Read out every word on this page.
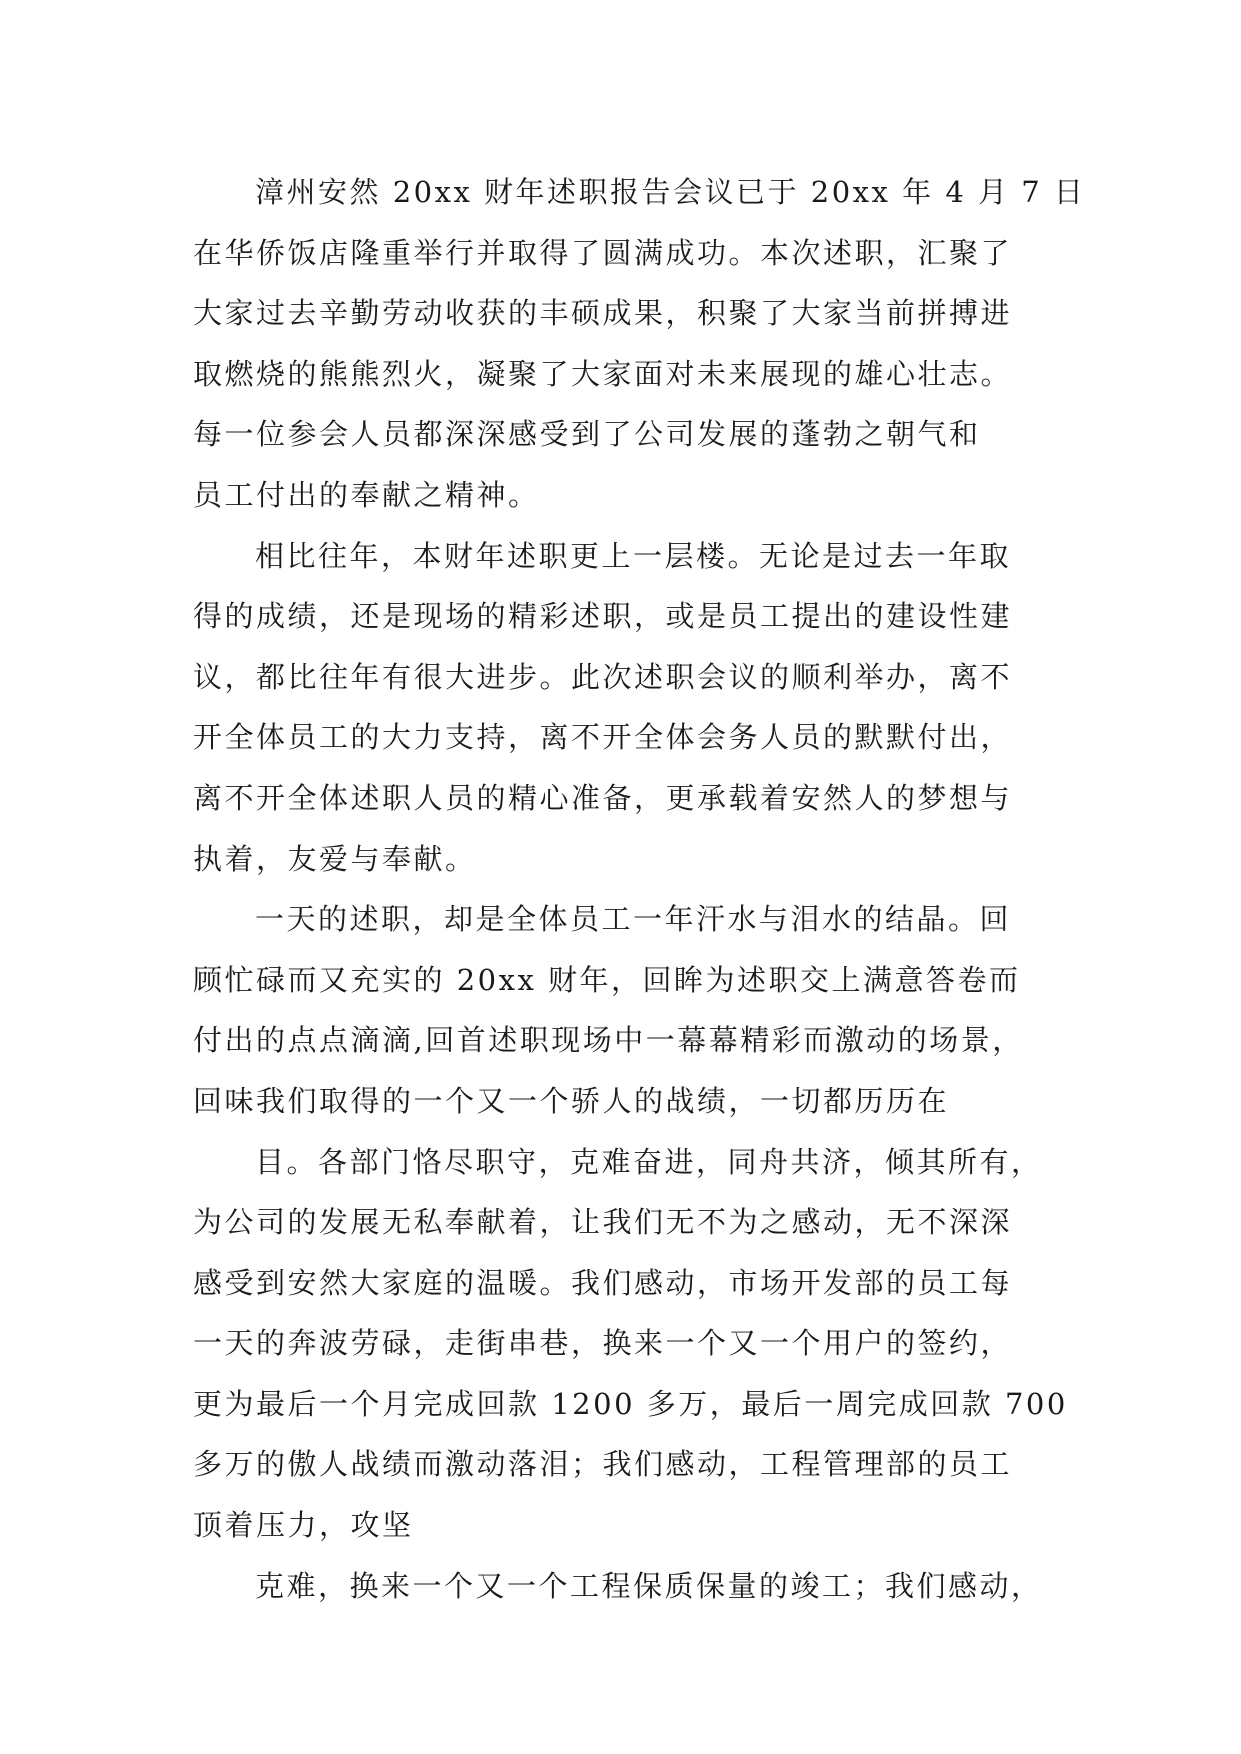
漳州安然 20xx 财年述职报告会议已于 20xx 年 4 月 7 日
在华侨饭店隆重举行并取得了圆满成功。本次述职，汇聚了
大家过去辛勤劳动收获的丰硕成果，积聚了大家当前拼搏进
取燃烧的熊熊烈火，凝聚了大家面对未来展现的雄心壮志。
每一位参会人员都深深感受到了公司发展的蓬勃之朝气和
员工付出的奉献之精神。
相比往年，本财年述职更上一层楼。无论是过去一年取
得的成绩，还是现场的精彩述职，或是员工提出的建设性建
议，都比往年有很大进步。此次述职会议的顺利举办，离不
开全体员工的大力支持，离不开全体会务人员的默默付出，
离不开全体述职人员的精心准备，更承载着安然人的梦想与
执着，友爱与奉献。
一天的述职，却是全体员工一年汗水与泪水的结晶。回
顾忙碌而又充实的 20xx 财年，回眸为述职交上满意答卷而
付出的点点滴滴,回首述职现场中一幕幕精彩而激动的场景，
回味我们取得的一个又一个骄人的战绩，一切都历历在
目。各部门恪尽职守，克难奋进，同舟共济，倾其所有，
为公司的发展无私奉献着，让我们无不为之感动，无不深深
感受到安然大家庭的温暖。我们感动，市场开发部的员工每
一天的奔波劳碌，走街串巷，换来一个又一个用户的签约，
更为最后一个月完成回款 1200 多万，最后一周完成回款 700
多万的傲人战绩而激动落泪；我们感动，工程管理部的员工
顶着压力，攻坚
克难，换来一个又一个工程保质保量的竣工；我们感动，
